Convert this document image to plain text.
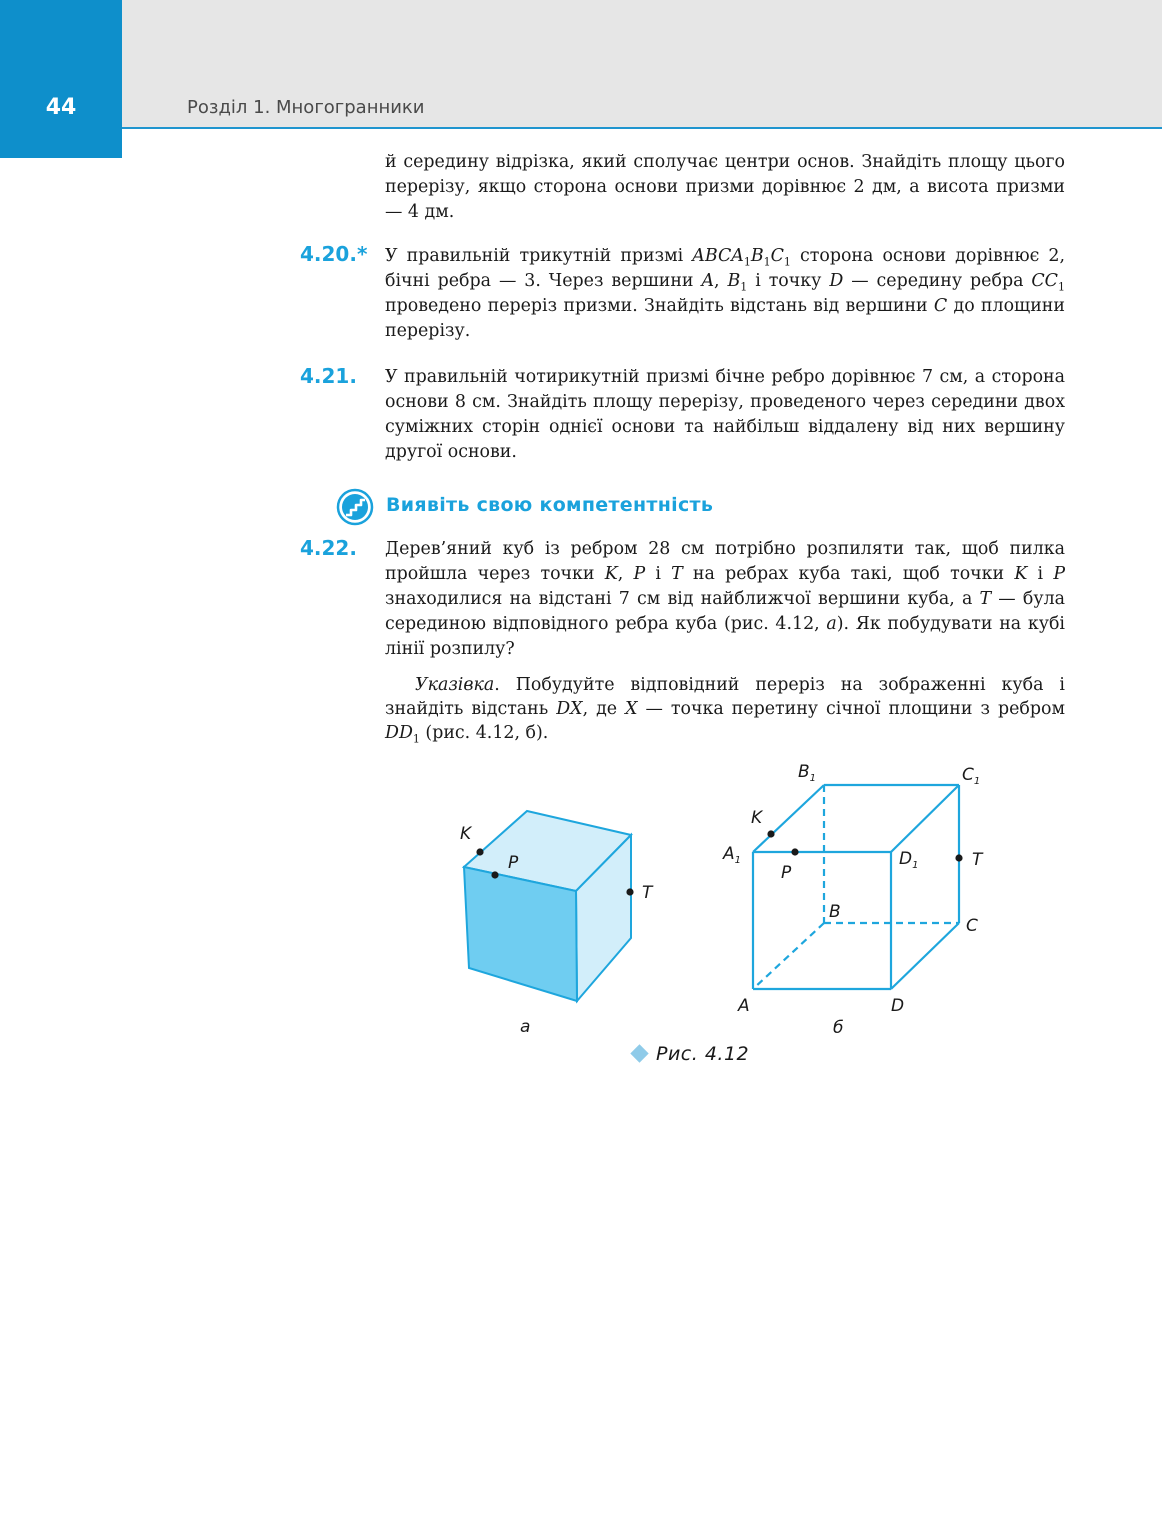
44	Розділ 1. Многогранники

й середину відрізка, який сполучає центри основ. Знайдіть площу цього перерізу, якщо сторона основи призми дорівнює 2 дм, а висота призми — 4 дм.

4.20.* У правильній трикутній призмі $ABCA_1B_1C_1$ сторона основи дорівнює 2, бічні ребра — 3. Через вершини A, $B_1$ і точку D — середину ребра $CC_1$ проведено переріз призми. Знайдіть відстань від вершини C до площини перерізу.

4.21. У правильній чотирикутній призмі бічне ребро дорівнює 7 см, а сторона основи 8 см. Знайдіть площу перерізу, проведеного через середини двох суміжних сторін однієї основи та найбільш віддалену від них вершину другої основи.

Виявіть свою компетентність
4.22. Дерев’яний куб із ребром 28 см потрібно розпиляти так, щоб пилка пройшла через точки K, P і T на ребрах куба такі, щоб точки K і P знаходилися на відстані 7 см від найближчої вершини куба, а T — була серединою відповідного ребра куба (рис. 4.12, а). Як побудувати на кубі лінії розпилу?

Указівка. Побудуйте відповідний переріз на зображенні куба і знайдіть відстань DX, де X — точка перетину січної площини з ребром $DD_1$ (рис. 4.12, б).

K
P
T
а
$B_1$	$C_1$
K
$A_1$
P
$D_1$	T
B
C
A	D
б
Рис. 4.12
